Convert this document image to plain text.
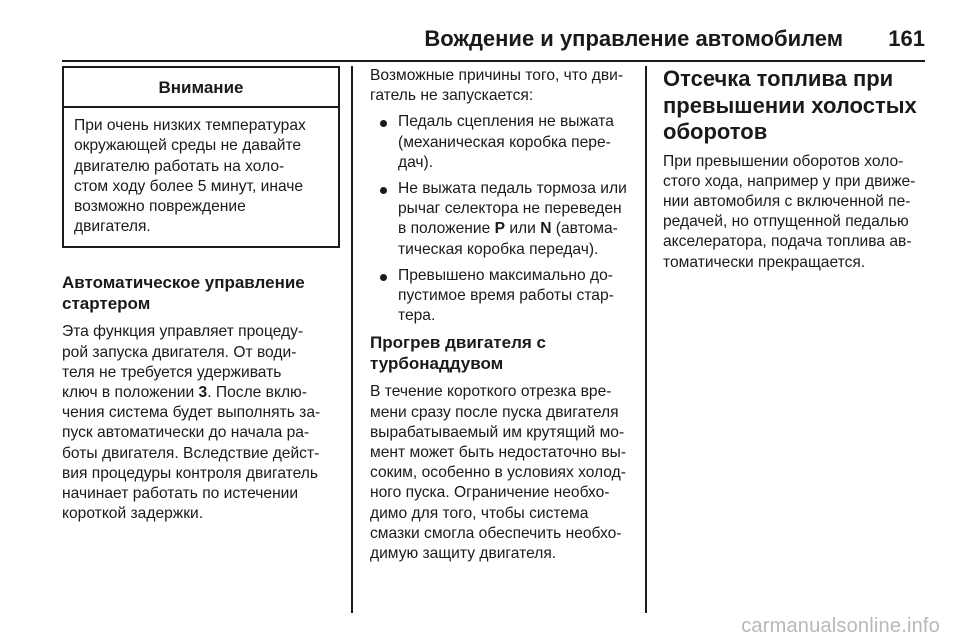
Вождение и управление автомобилем 161
Внимание
При очень низких температурах
окружающей среды не давайте
двигателю работать на холо-
стом ходу более 5 минут, иначе
возможно повреждение
двигателя.
Автоматическое управление
стартером
Эта функция управляет процеду-
рой запуска двигателя. От води-
теля не требуется удерживать
ключ в положении 3. После вклю-
чения система будет выполнять за-
пуск автоматически до начала ра-
боты двигателя. Вследствие дейст-
вия процедуры контроля двигатель
начинает работать по истечении
короткой задержки.
Возможные причины того, что дви-
гатель не запускается:
Педаль сцепления не выжата
(механическая коробка пере-
дач).
Не выжата педаль тормоза или
рычаг селектора не переведен
в положение P или N (автома-
тическая коробка передач).
Превышено максимально до-
пустимое время работы стар-
тера.
Прогрев двигателя с
турбонаддувом
В течение короткого отрезка вре-
мени сразу после пуска двигателя
вырабатываемый им крутящий мо-
мент может быть недостаточно вы-
соким, особенно в условиях холод-
ного пуска. Ограничение необхо-
димо для того, чтобы система
смазки смогла обеспечить необхо-
димую защиту двигателя.
Отсечка топлива при
превышении холостых
оборотов
При превышении оборотов холо-
стого хода, например у при движе-
нии автомобиля с включенной пе-
редачей, но отпущенной педалью
акселератора, подача топлива ав-
томатически прекращается.
carmanualsonline.info
